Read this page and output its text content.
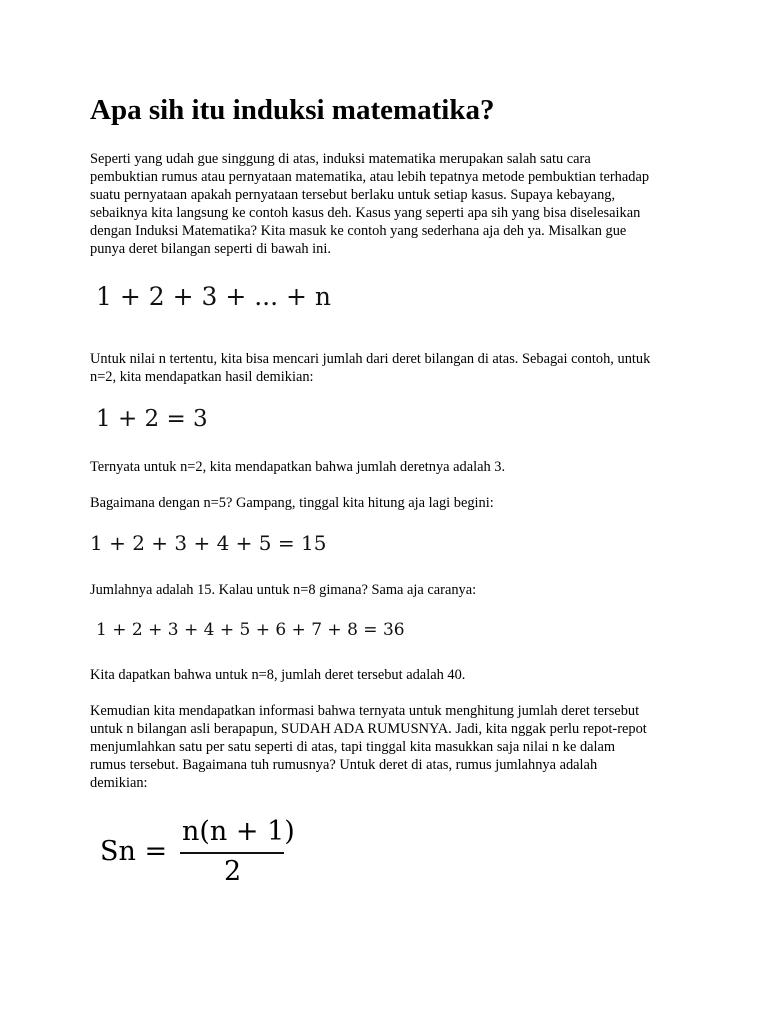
Apa sih itu induksi matematika?
Seperti yang udah gue singgung di atas, induksi matematika merupakan salah satu cara
pembuktian rumus atau pernyataan matematika, atau lebih tepatnya metode pembuktian terhadap
suatu pernyataan apakah pernyataan tersebut berlaku untuk setiap kasus. Supaya kebayang,
sebaiknya kita langsung ke contoh kasus deh. Kasus yang seperti apa sih yang bisa diselesaikan
dengan Induksi Matematika? Kita masuk ke contoh yang sederhana aja deh ya. Misalkan gue
punya deret bilangan seperti di bawah ini.
1 + 2 + 3 + ... + n
Untuk nilai n tertentu, kita bisa mencari jumlah dari deret bilangan di atas. Sebagai contoh, untuk
n=2, kita mendapatkan hasil demikian:
1 + 2 = 3
Ternyata untuk n=2, kita mendapatkan bahwa jumlah deretnya adalah 3.
Bagaimana dengan n=5? Gampang, tinggal kita hitung aja lagi begini:
1 + 2 + 3 + 4 + 5 = 15
Jumlahnya adalah 15. Kalau untuk n=8 gimana? Sama aja caranya:
1 + 2 + 3 + 4 + 5 + 6 + 7 + 8 = 36
Kita dapatkan bahwa untuk n=8, jumlah deret tersebut adalah 40.
Kemudian kita mendapatkan informasi bahwa ternyata untuk menghitung jumlah deret tersebut
untuk n bilangan asli berapapun, SUDAH ADA RUMUSNYA. Jadi, kita nggak perlu repot-repot
menjumlahkan satu per satu seperti di atas, tapi tinggal kita masukkan saja nilai n ke dalam
rumus tersebut. Bagaimana tuh rumusnya? Untuk deret di atas, rumus jumlahnya adalah
demikian:
Sn =
n(n + 1)
2
